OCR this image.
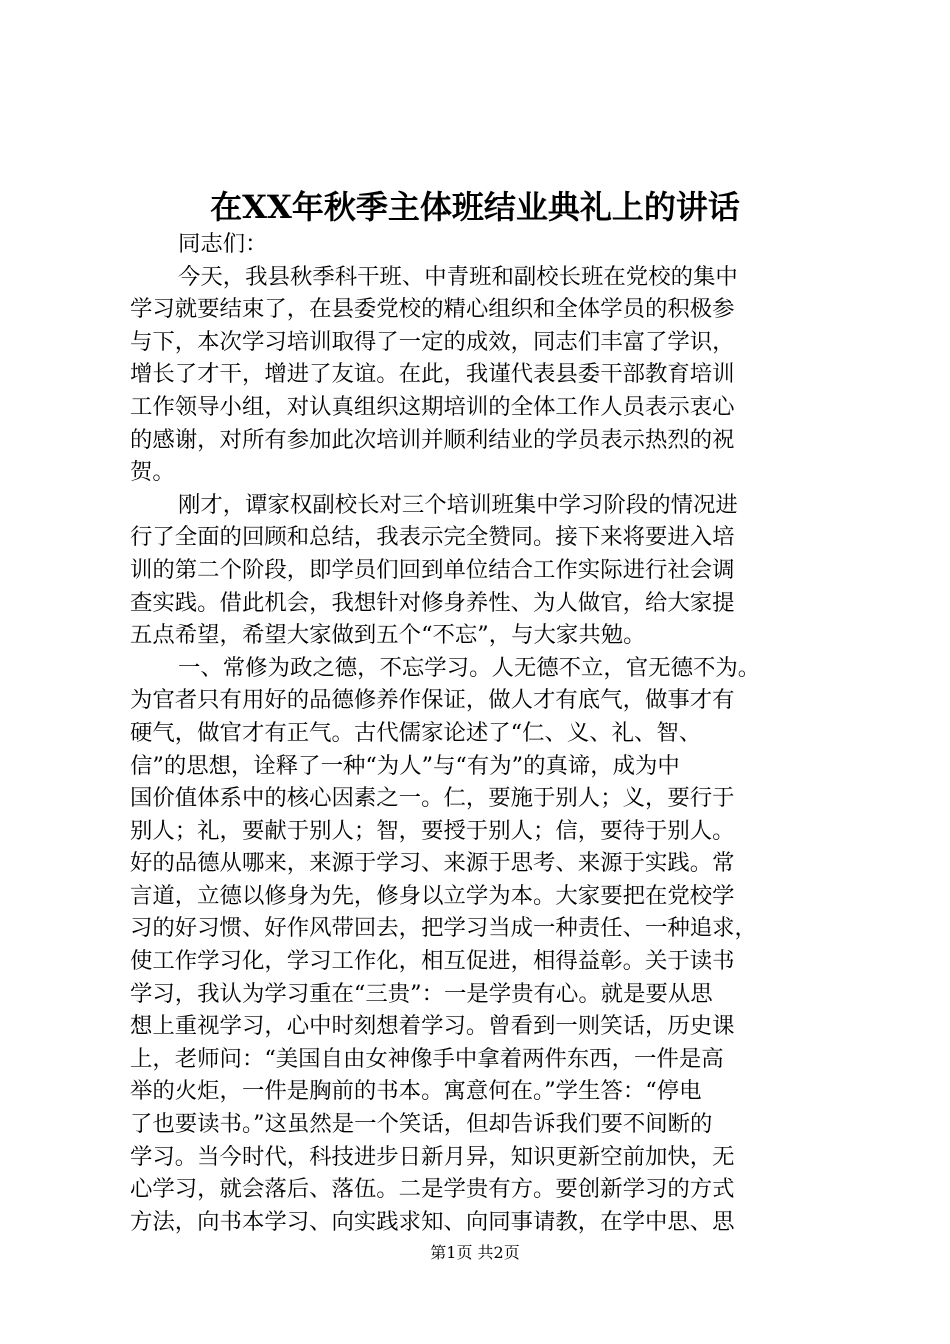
在XX年秋季主体班结业典礼上的讲话
同志们：
今天，我县秋季科干班、中青班和副校长班在党校的集中
学习就要结束了，在县委党校的精心组织和全体学员的积极参
与下，本次学习培训取得了一定的成效，同志们丰富了学识，
增长了才干，增进了友谊。在此，我谨代表县委干部教育培训
工作领导小组，对认真组织这期培训的全体工作人员表示衷心
的感谢，对所有参加此次培训并顺利结业的学员表示热烈的祝
贺。
刚才，谭家权副校长对三个培训班集中学习阶段的情况进
行了全面的回顾和总结，我表示完全赞同。接下来将要进入培
训的第二个阶段，即学员们回到单位结合工作实际进行社会调
查实践。借此机会，我想针对修身养性、为人做官，给大家提
五点希望，希望大家做到五个“不忘”，与大家共勉。
一、常修为政之德，不忘学习。人无德不立，官无德不为。
为官者只有用好的品德修养作保证，做人才有底气，做事才有
硬气，做官才有正气。古代儒家论述了“仁、义、礼、智、
信”的思想，诠释了一种“为人”与“有为”的真谛，成为中
国价值体系中的核心因素之一。仁，要施于别人；义，要行于
别人；礼，要献于别人；智，要授于别人；信，要待于别人。
好的品德从哪来，来源于学习、来源于思考、来源于实践。常
言道，立德以修身为先，修身以立学为本。大家要把在党校学
习的好习惯、好作风带回去，把学习当成一种责任、一种追求，
使工作学习化，学习工作化，相互促进，相得益彰。关于读书
学习，我认为学习重在“三贵”：一是学贵有心。就是要从思
想上重视学习，心中时刻想着学习。曾看到一则笑话，历史课
上，老师问：“美国自由女神像手中拿着两件东西，一件是高
举的火炬，一件是胸前的书本。寓意何在。”学生答：“停电
了也要读书。”这虽然是一个笑话，但却告诉我们要不间断的
学习。当今时代，科技进步日新月异，知识更新空前加快，无
心学习，就会落后、落伍。二是学贵有方。要创新学习的方式
方法，向书本学习、向实践求知、向同事请教，在学中思、思
第1页 共2页
